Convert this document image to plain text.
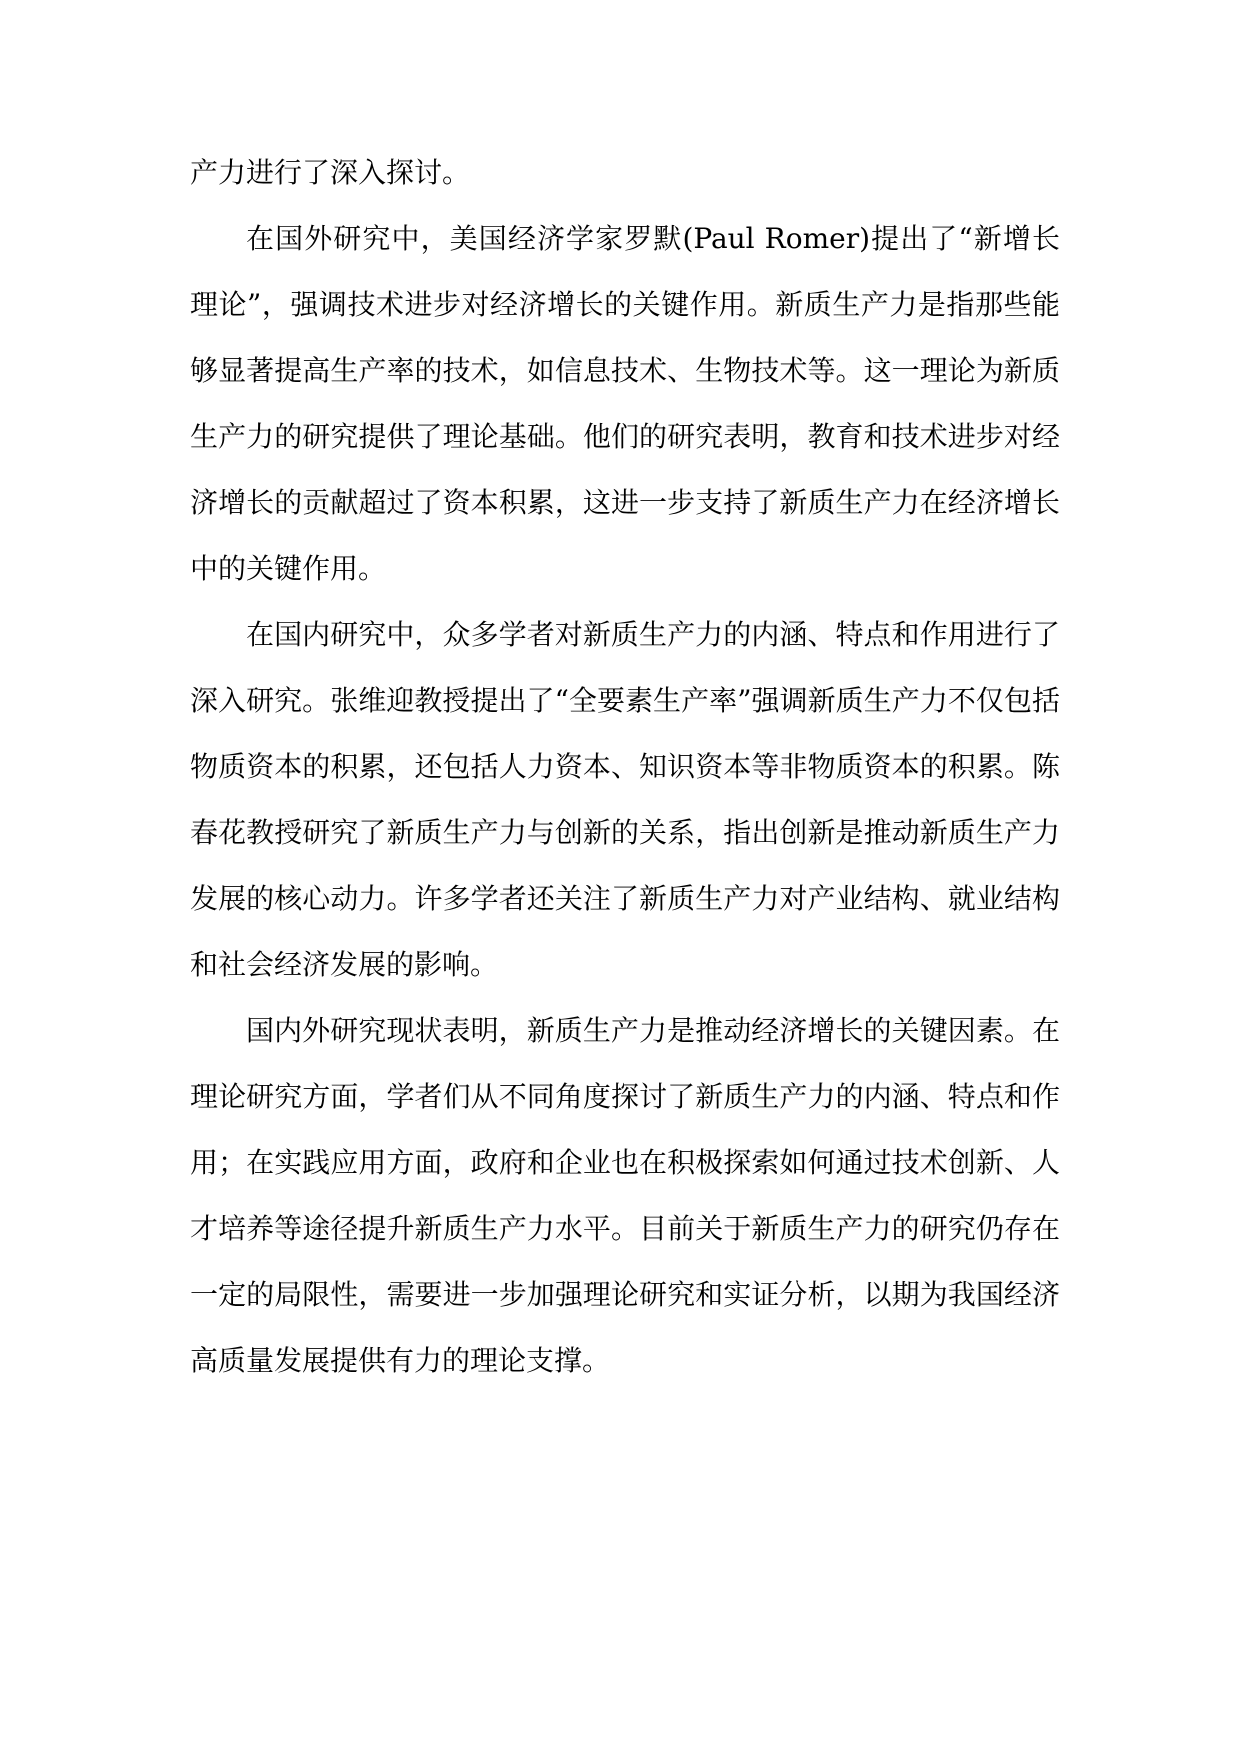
产力进行了深入探讨。

在国外研究中，美国经济学家罗默(Paul Romer)提出了“新增长理论”，强调技术进步对经济增长的关键作用。新质生产力是指那些能够显著提高生产率的技术，如信息技术、生物技术等。这一理论为新质生产力的研究提供了理论基础。他们的研究表明，教育和技术进步对经济增长的贡献超过了资本积累，这进一步支持了新质生产力在经济增长中的关键作用。

在国内研究中，众多学者对新质生产力的内涵、特点和作用进行了深入研究。张维迎教授提出了“全要素生产率”强调新质生产力不仅包括物质资本的积累，还包括人力资本、知识资本等非物质资本的积累。陈春花教授研究了新质生产力与创新的关系，指出创新是推动新质生产力发展的核心动力。许多学者还关注了新质生产力对产业结构、就业结构和社会经济发展的影响。

国内外研究现状表明，新质生产力是推动经济增长的关键因素。在理论研究方面，学者们从不同角度探讨了新质生产力的内涵、特点和作用；在实践应用方面，政府和企业也在积极探索如何通过技术创新、人才培养等途径提升新质生产力水平。目前关于新质生产力的研究仍存在一定的局限性，需要进一步加强理论研究和实证分析，以期为我国经济高质量发展提供有力的理论支撑。
